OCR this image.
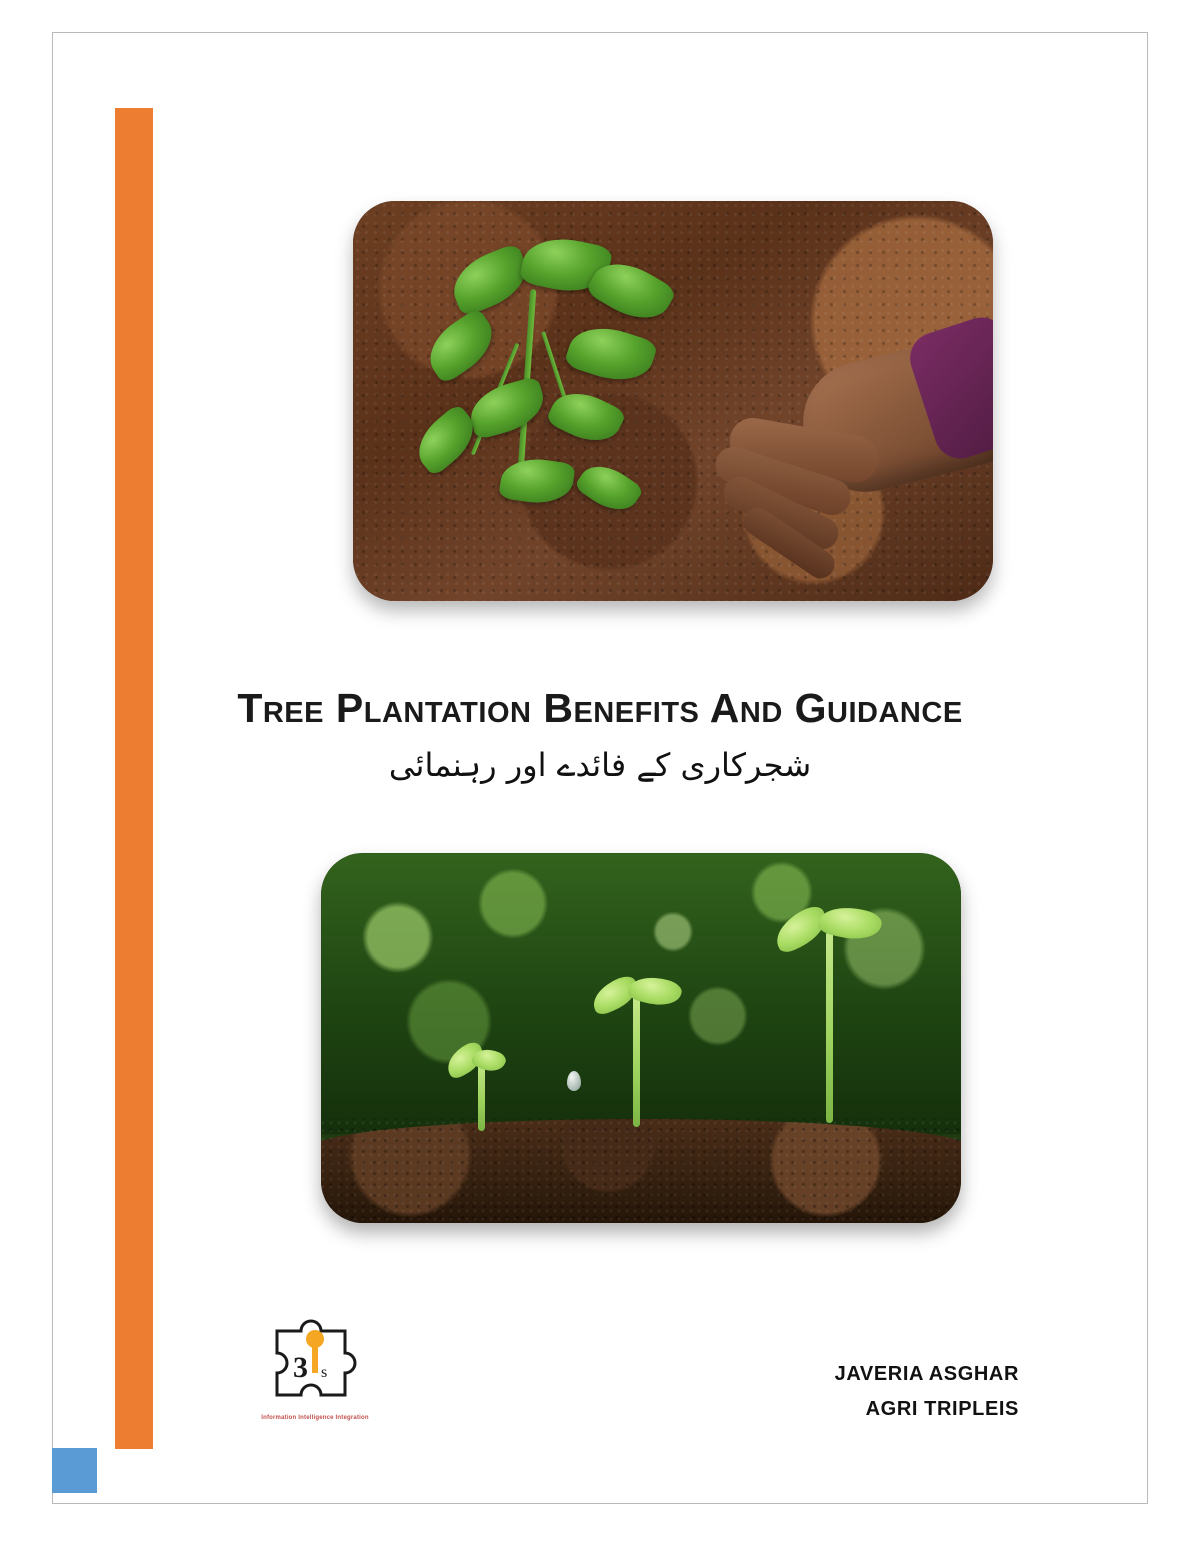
Tree Plantation Benefits And Guidance
شجرکاری کے فائدے اور رہنمائی
3 s
Information Intelligence Integration
JAVERIA ASGHAR
AGRI TRIPLEIS
